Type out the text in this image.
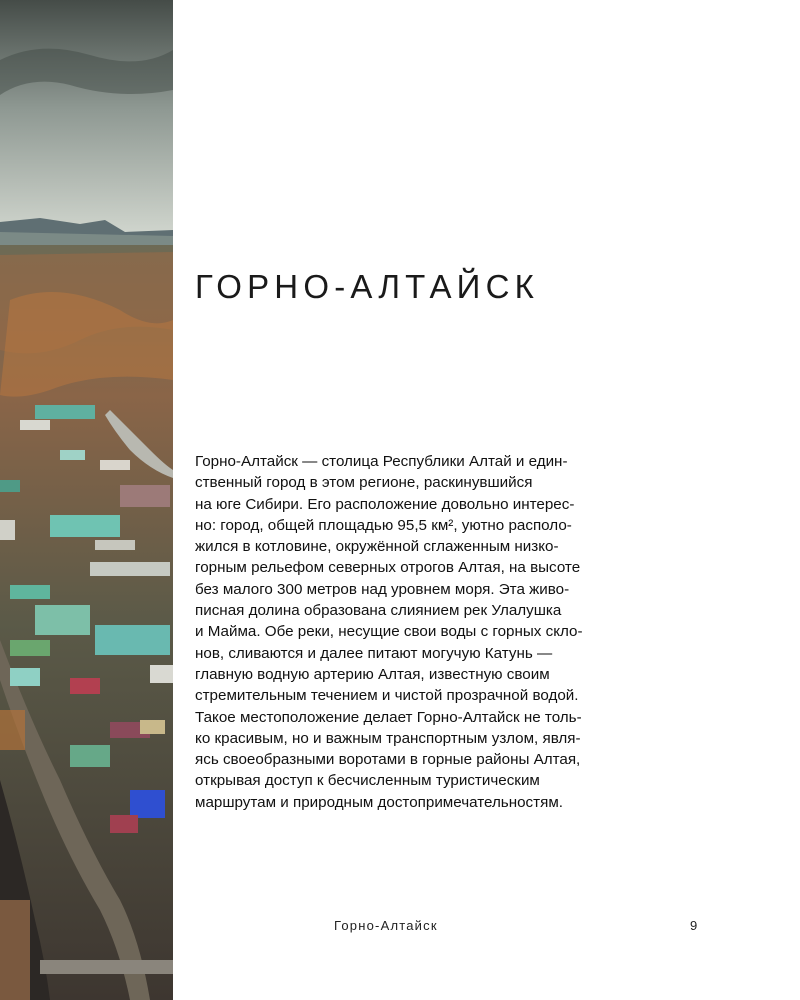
ГОРНО-АЛТАЙСК

Горно-Алтайск — столица Республики Алтай и един-
ственный город в этом регионе, раскинувшийся
на юге Сибири. Его расположение довольно интерес-
но: город, общей площадью 95,5 км², уютно располо-
жился в котловине, окружённой сглаженным низко-
горным рельефом северных отрогов Алтая, на высоте
без малого 300 метров над уровнем моря. Эта живо-
писная долина образована слиянием рек Улалушка
и Майма. Обе реки, несущие свои воды с горных скло-
нов, сливаются и далее питают могучую Катунь —
главную водную артерию Алтая, известную своим
стремительным течением и чистой прозрачной водой.
Такое местоположение делает Горно-Алтайск не толь-
ко красивым, но и важным транспортным узлом, явля-
ясь своеобразными воротами в горные районы Алтая,
открывая доступ к бесчисленным туристическим
маршрутам и природным достопримечательностям.

Горно-Алтайск	9
